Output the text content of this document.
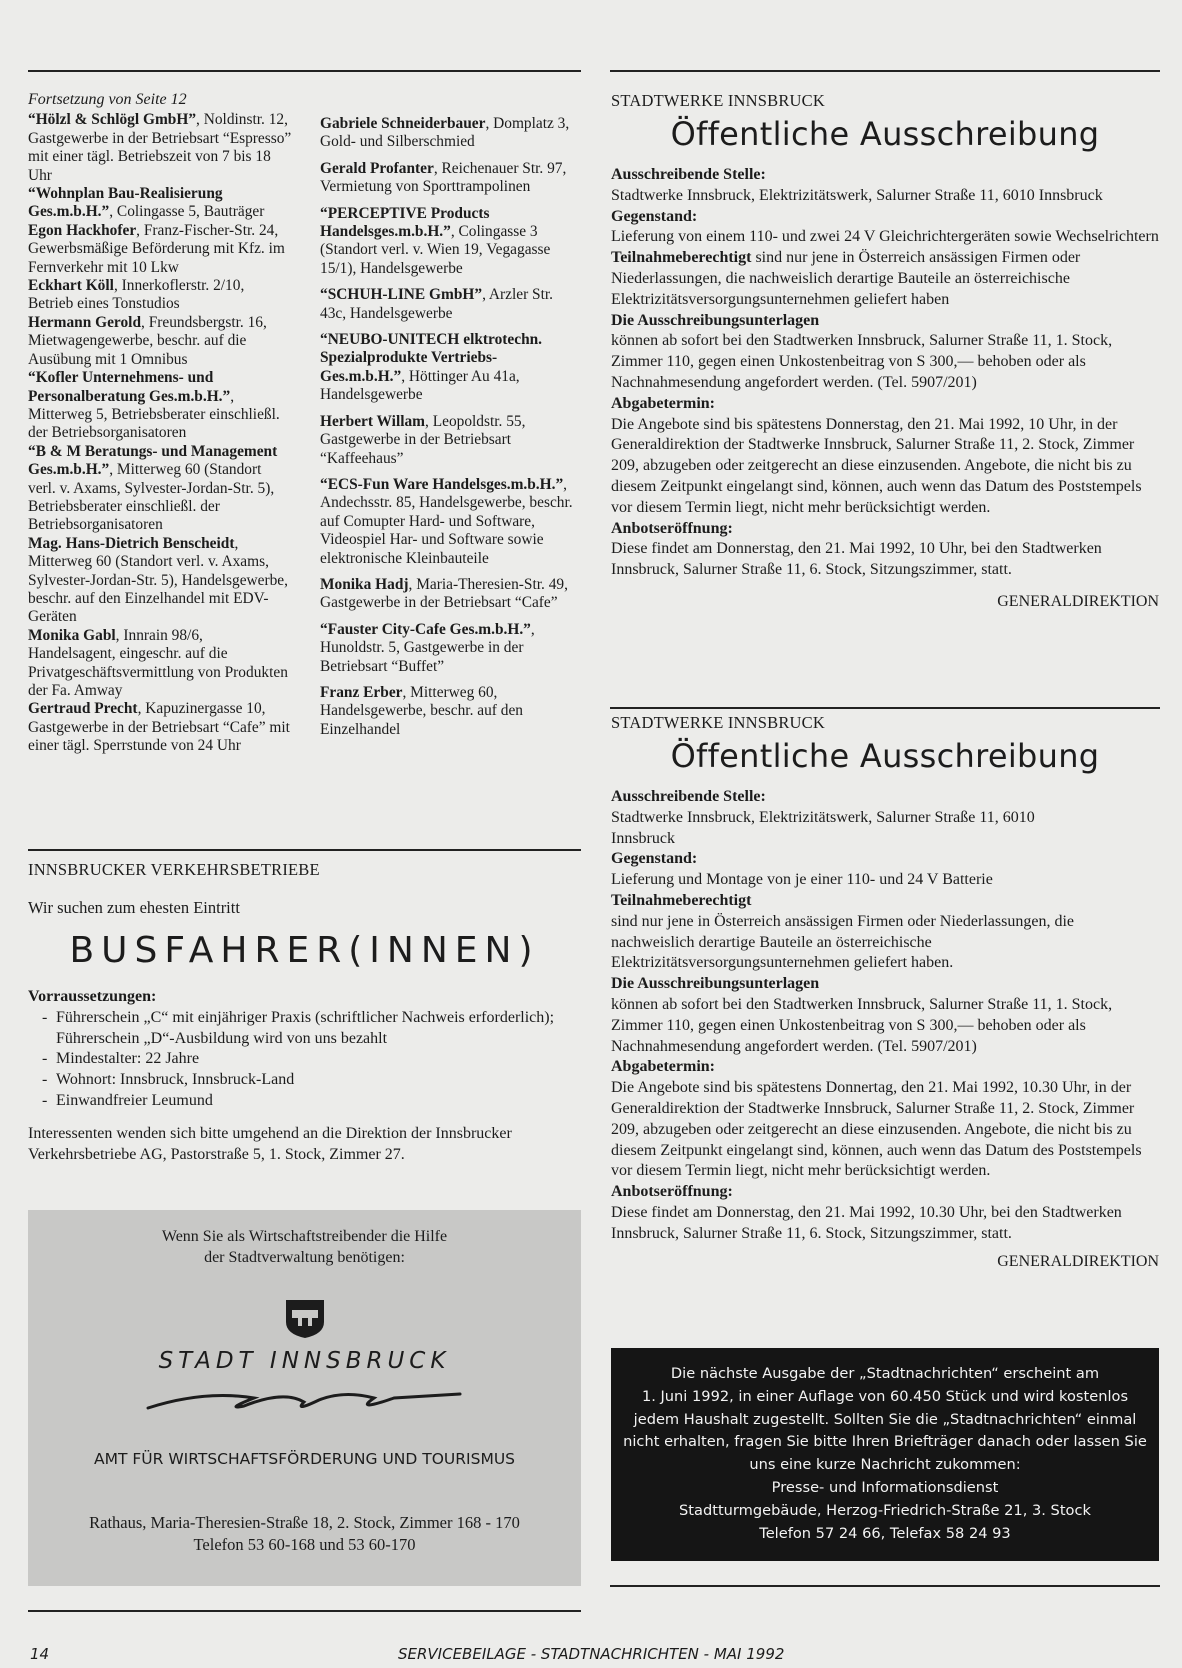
Fortsetzung von Seite 12
“Hölzl & Schlögl GmbH”, Noldinstr. 12, Gastgewerbe in der Betriebsart “Espresso” mit einer tägl. Betriebszeit von 7 bis 18 Uhr
“Wohnplan Bau-Realisierung Ges.m.b.H.”, Colingasse 5, Bauträger
Egon Hackhofer, Franz-Fischer-Str. 24, Gewerbsmäßige Beförderung mit Kfz. im Fernverkehr mit 10 Lkw
Eckhart Köll, Innerkoflerstr. 2/10, Betrieb eines Tonstudios
Hermann Gerold, Freundsbergstr. 16, Mietwagengewerbe, beschr. auf die Ausübung mit 1 Omnibus
“Kofler Unternehmens- und Personalberatung Ges.m.b.H.”, Mitterweg 5, Betriebsberater einschließl. der Betriebsorganisatoren
“B & M Beratungs- und Management Ges.m.b.H.”, Mitterweg 60 (Standort verl. v. Axams, Sylvester-Jordan-Str. 5), Betriebsberater einschließl. der Betriebsorganisatoren
Mag. Hans-Dietrich Benscheidt, Mitterweg 60 (Standort verl. v. Axams, Sylvester-Jordan-Str. 5), Handelsgewerbe, beschr. auf den Einzelhandel mit EDV-Geräten
Monika Gabl, Innrain 98/6, Handelsagent, eingeschr. auf die Privatgeschäftsvermittlung von Produkten der Fa. Amway
Gertraud Precht, Kapuzinergasse 10, Gastgewerbe in der Betriebsart “Cafe” mit einer tägl. Sperrstunde von 24 Uhr
Gabriele Schneiderbauer, Domplatz 3, Gold- und Silberschmied
Gerald Profanter, Reichenauer Str. 97, Vermietung von Sporttrampolinen
“PERCEPTIVE Products Handelsges.m.b.H.”, Colingasse 3 (Standort verl. v. Wien 19, Vegagasse 15/1), Handelsgewerbe
“SCHUH-LINE GmbH”, Arzler Str. 43c, Handelsgewerbe
“NEUBO-UNITECH elktrotechn. Spezialprodukte Vertriebs-Ges.m.b.H.”, Höttinger Au 41a, Handelsgewerbe
Herbert Willam, Leopoldstr. 55, Gastgewerbe in der Betriebsart “Kaffeehaus”
“ECS-Fun Ware Handelsges.m.b.H.”, Andechsstr. 85, Handelsgewerbe, beschr. auf Comupter Hard- und Software, Videospiel Har- und Software sowie elektronische Kleinbauteile
Monika Hadj, Maria-Theresien-Str. 49, Gastgewerbe in der Betriebsart “Cafe”
“Fauster City-Cafe Ges.m.b.H.”, Hunoldstr. 5, Gastgewerbe in der Betriebsart “Buffet”
Franz Erber, Mitterweg 60, Handelsgewerbe, beschr. auf den Einzelhandel
INNSBRUCKER VERKEHRSBETRIEBE
Wir suchen zum ehesten Eintritt
BUSFAHRER(INNEN)
Vorraussetzungen:
- Führerschein „C“ mit einjähriger Praxis (schriftlicher Nachweis erforderlich);
Führerschein „D“-Ausbildung wird von uns bezahlt
- Mindestalter: 22 Jahre
- Wohnort: Innsbruck, Innsbruck-Land
- Einwandfreier Leumund
Interessenten wenden sich bitte umgehend an die Direktion der Innsbrucker Verkehrsbetriebe AG, Pastorstraße 5, 1. Stock, Zimmer 27.
Wenn Sie als Wirtschaftstreibender die Hilfe
der Stadtverwaltung benötigen:
STADT INNSBRUCK
AMT FÜR WIRTSCHAFTSFÖRDERUNG UND TOURISMUS
Rathaus, Maria-Theresien-Straße 18, 2. Stock, Zimmer 168 - 170
Telefon 53 60-168 und 53 60-170
STADTWERKE INNSBRUCK
Öffentliche Ausschreibung
Ausschreibende Stelle:
Stadtwerke Innsbruck, Elektrizitätswerk, Salurner Straße 11, 6010 Innsbruck
Gegenstand:
Lieferung von einem 110- und zwei 24 V Gleichrichtergeräten sowie Wechselrichtern
Teilnahmeberechtigt sind nur jene in Österreich ansässigen Firmen oder Niederlassungen, die nachweislich derartige Bauteile an österreichische Elektrizitätsversorgungsunternehmen geliefert haben
Die Ausschreibungsunterlagen
können ab sofort bei den Stadtwerken Innsbruck, Salurner Straße 11, 1. Stock, Zimmer 110, gegen einen Unkostenbeitrag von S 300,— behoben oder als Nachnahmesendung angefordert werden. (Tel. 5907/201)
Abgabetermin:
Die Angebote sind bis spätestens Donnerstag, den 21. Mai 1992, 10 Uhr, in der Generaldirektion der Stadtwerke Innsbruck, Salurner Straße 11, 2. Stock, Zimmer 209, abzugeben oder zeitgerecht an diese einzusenden. Angebote, die nicht bis zu diesem Zeitpunkt eingelangt sind, können, auch wenn das Datum des Poststempels vor diesem Termin liegt, nicht mehr berücksichtigt werden.
Anbotseröffnung:
Diese findet am Donnerstag, den 21. Mai 1992, 10 Uhr, bei den Stadtwerken Innsbruck, Salurner Straße 11, 6. Stock, Sitzungszimmer, statt.
GENERALDIREKTION
STADTWERKE INNSBRUCK
Öffentliche Ausschreibung
Ausschreibende Stelle:
Stadtwerke Innsbruck, Elektrizitätswerk, Salurner Straße 11, 6010 Innsbruck
Gegenstand:
Lieferung und Montage von je einer 110- und 24 V Batterie
Teilnahmeberechtigt
sind nur jene in Österreich ansässigen Firmen oder Niederlassungen, die nachweislich derartige Bauteile an österreichische Elektrizitätsversorgungsunternehmen geliefert haben.
Die Ausschreibungsunterlagen
können ab sofort bei den Stadtwerken Innsbruck, Salurner Straße 11, 1. Stock, Zimmer 110, gegen einen Unkostenbeitrag von S 300,— behoben oder als Nachnahmesendung angefordert werden. (Tel. 5907/201)
Abgabetermin:
Die Angebote sind bis spätestens Donnertag, den 21. Mai 1992, 10.30 Uhr, in der Generaldirektion der Stadtwerke Innsbruck, Salurner Straße 11, 2. Stock, Zimmer 209, abzugeben oder zeitgerecht an diese einzusenden. Angebote, die nicht bis zu diesem Zeitpunkt eingelangt sind, können, auch wenn das Datum des Poststempels vor diesem Termin liegt, nicht mehr berücksichtigt werden.
Anbotseröffnung:
Diese findet am Donnerstag, den 21. Mai 1992, 10.30 Uhr, bei den Stadtwerken Innsbruck, Salurner Straße 11, 6. Stock, Sitzungszimmer, statt.
GENERALDIREKTION
Die nächste Ausgabe der „Stadtnachrichten“ erscheint am
1. Juni 1992, in einer Auflage von 60.450 Stück und wird kostenlos
jedem Haushalt zugestellt. Sollten Sie die „Stadtnachrichten“ einmal
nicht erhalten, fragen Sie bitte Ihren Briefträger danach oder lassen Sie
uns eine kurze Nachricht zukommen:
Presse- und Informationsdienst
Stadtturmgebäude, Herzog-Friedrich-Straße 21, 3. Stock
Telefon 57 24 66, Telefax 58 24 93
14	SERVICEBEILAGE - STADTNACHRICHTEN - MAI 1992
